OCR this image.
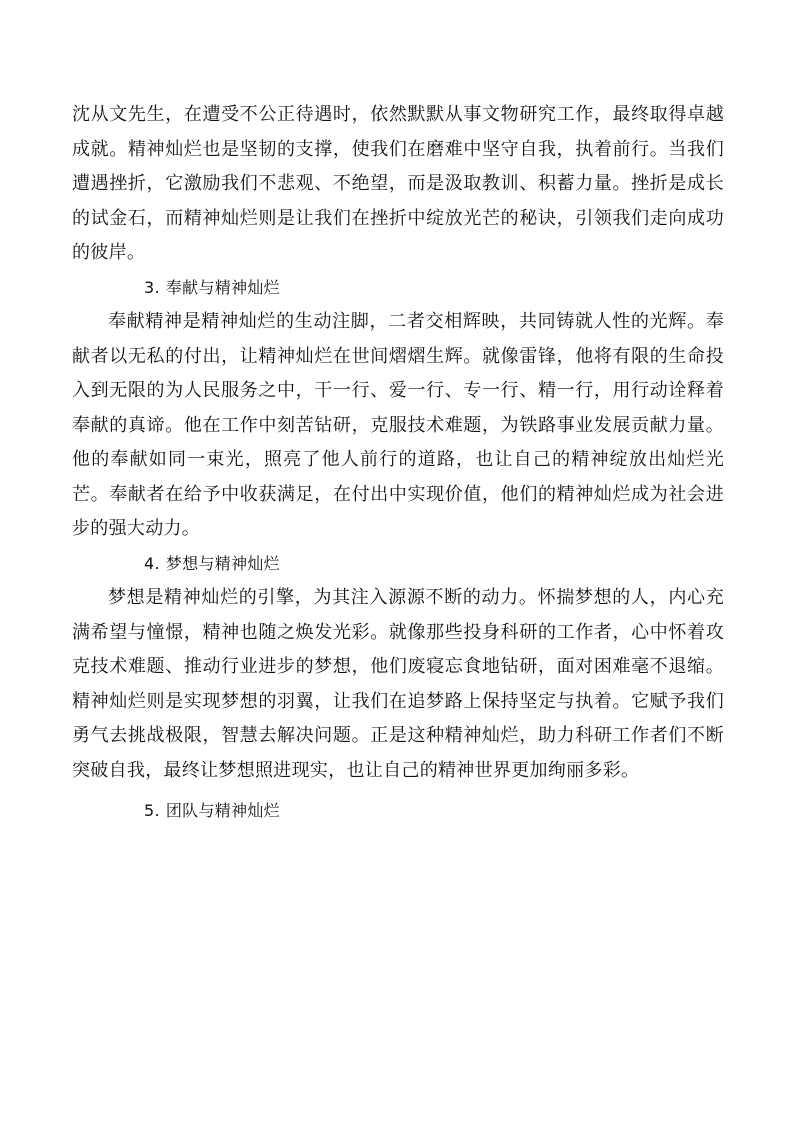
沈从文先生，在遭受不公正待遇时，依然默默从事文物研究工作，最终取得卓越成就。精神灿烂也是坚韧的支撑，使我们在磨难中坚守自我，执着前行。当我们遭遇挫折，它激励我们不悲观、不绝望，而是汲取教训、积蓄力量。挫折是成长的试金石，而精神灿烂则是让我们在挫折中绽放光芒的秘诀，引领我们走向成功的彼岸。

3. 奉献与精神灿烂

奉献精神是精神灿烂的生动注脚，二者交相辉映，共同铸就人性的光辉。奉献者以无私的付出，让精神灿烂在世间熠熠生辉。就像雷锋，他将有限的生命投入到无限的为人民服务之中，干一行、爱一行、专一行、精一行，用行动诠释着奉献的真谛。他在工作中刻苦钻研，克服技术难题，为铁路事业发展贡献力量。他的奉献如同一束光，照亮了他人前行的道路，也让自己的精神绽放出灿烂光芒。奉献者在给予中收获满足，在付出中实现价值，他们的精神灿烂成为社会进步的强大动力。

4. 梦想与精神灿烂

梦想是精神灿烂的引擎，为其注入源源不断的动力。怀揣梦想的人，内心充满希望与憧憬，精神也随之焕发光彩。就像那些投身科研的工作者，心中怀着攻克技术难题、推动行业进步的梦想，他们废寝忘食地钻研，面对困难毫不退缩。精神灿烂则是实现梦想的羽翼，让我们在追梦路上保持坚定与执着。它赋予我们勇气去挑战极限，智慧去解决问题。正是这种精神灿烂，助力科研工作者们不断突破自我，最终让梦想照进现实，也让自己的精神世界更加绚丽多彩。

5. 团队与精神灿烂
